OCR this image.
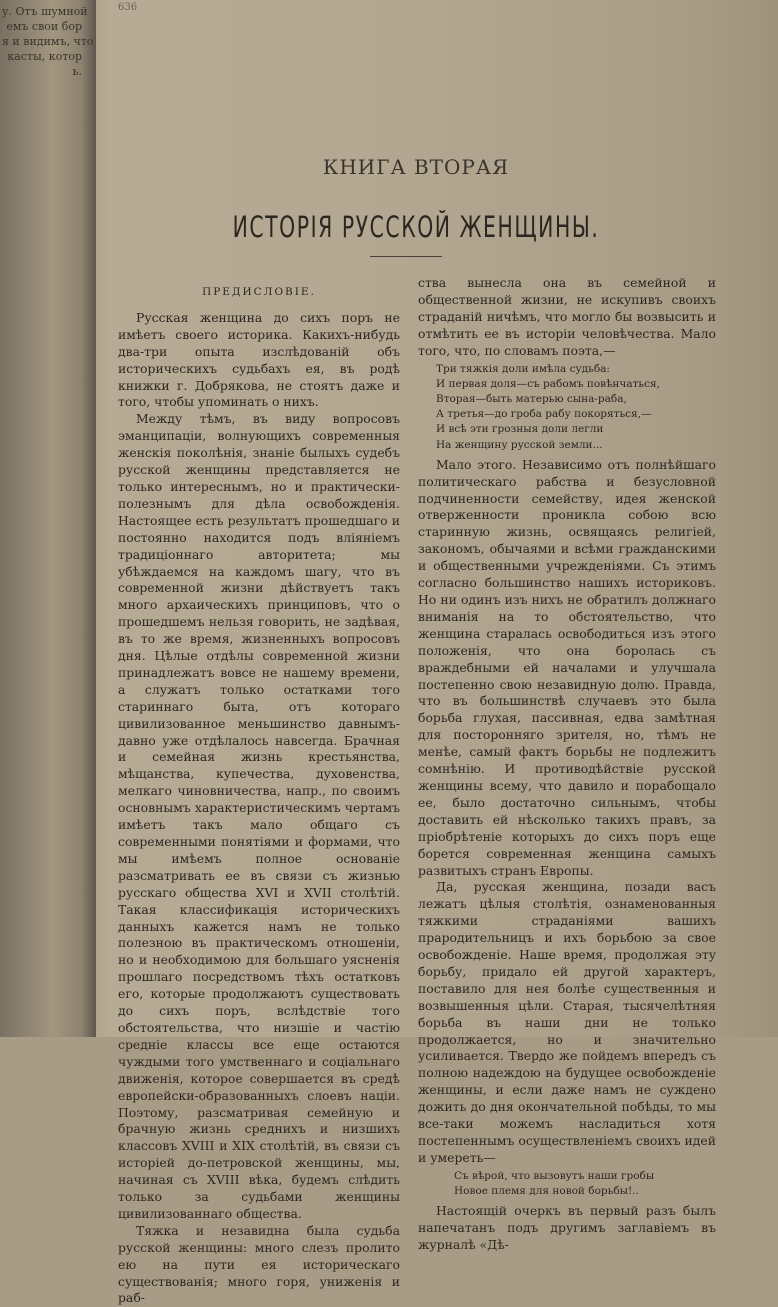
у. Отъ шумной
емъ свои бор
я и видимъ, что
касты, котор
ь.
636
КНИГА ВТОРАЯ
ИСТОРІЯ РУССКОЙ ЖЕНЩИНЫ.

ПРЕДИСЛОВІЕ.

Русская женщина до сихъ поръ не имѣетъ своего историка. Какихъ-нибудь два-три опыта изслѣдованій объ историческихъ судьбахъ ея, въ родѣ книжки г. Добрякова, не стоятъ даже и того, чтобы упоминать о нихъ.

Между тѣмъ, въ виду вопросовъ эманципаціи, волнующихъ современныя женскія поколѣнія, знаніе былыхъ судебъ русской женщины представляется не только интереснымъ, но и практически-полезнымъ для дѣла освобожденія. Настоящее есть результатъ прошедшаго и постоянно находится подъ вліяніемъ традиціоннаго авторитета; мы убѣждаемся на каждомъ шагу, что въ современной жизни дѣйствуетъ такъ много архаическихъ принциповъ, что о прошедшемъ нельзя говорить, не задѣвая, въ то же время, жизненныхъ вопросовъ дня. Цѣлые отдѣлы современной жизни принадлежатъ вовсе не нашему времени, а служатъ только остатками того стариннаго быта, отъ котораго цивилизованное меньшинство давнымъ-давно уже отдѣлалось навсегда. Брачная и семейная жизнь крестьянства, мѣщанства, купечества, духовенства, мелкаго чиновничества, напр., по своимъ основнымъ характеристическимъ чертамъ имѣетъ такъ мало общаго съ современными понятіями и формами, что мы имѣемъ полное основаніе разсматривать ее въ связи съ жизнью русскаго общества XVI и XVII столѣтій. Такая классификація историческихъ данныхъ кажется намъ не только полезною въ практическомъ отношеніи, но и необходимою для большаго уясненія прошлаго посредствомъ тѣхъ остатковъ его, которые продолжаютъ существовать до сихъ поръ, вслѣдствіе того обстоятельства, что низшіе и частію средніе классы все еще остаются чуждыми того умственнаго и соціальнаго движенія, которое совершается въ средѣ европейски-образованныхъ слоевъ націи. Поэтому, разсматривая семейную и брачную жизнь среднихъ и низшихъ классовъ XVIII и XIX столѣтій, въ связи съ исторіей до-петровской женщины, мы, начиная съ XVIII вѣка, будемъ слѣдить только за судьбами женщины цивилизованнаго общества.

Тяжка и незавидна была судьба русской женщины: много слезъ пролито ею на пути ея историческаго существованія; много горя, униженія и раб-

ства вынесла она въ семейной и общественной жизни, не искупивъ своихъ страданій ничѣмъ, что могло бы возвысить и отмѣтить ее въ исторіи человѣчества. Мало того, что, по словамъ поэта,—

Три тяжкія доли имѣла судьба:
И первая доля—съ рабомъ повѣнчаться,
Вторая—быть матерью сына-раба,
А третья—до гроба рабу покоряться,—
И всѣ эти грозныя доли легли
На женщину русской земли...

Мало этого. Независимо отъ полнѣйшаго политическаго рабства и безусловной подчиненности семейству, идея женской отверженности проникла собою всю старинную жизнь, освящаясь религіей, закономъ, обычаями и всѣми гражданскими и общественными учрежденіями. Съ этимъ согласно большинство нашихъ историковъ. Но ни одинъ изъ нихъ не обратилъ должнаго вниманія на то обстоятельство, что женщина старалась освободиться изъ этого положенія, что она боролась съ враждебными ей началами и улучшала постепенно свою незавидную долю. Правда, что въ большинствѣ случаевъ это была борьба глухая, пассивная, едва замѣтная для посторонняго зрителя, но, тѣмъ не менѣе, самый фактъ борьбы не подлежитъ сомнѣнію. И противодѣйствіе русской женщины всему, что давило и порабощало ее, было достаточно сильнымъ, чтобы доставить ей нѣсколько такихъ правъ, за пріобрѣтеніе которыхъ до сихъ поръ еще борется современная женщина самыхъ развитыхъ странъ Европы.

Да, русская женщина, позади васъ лежатъ цѣлыя столѣтія, ознаменованныя тяжкими страданіями вашихъ прародительницъ и ихъ борьбою за свое освобожденіе. Наше время, продолжая эту борьбу, придало ей другой характеръ, поставило для нея болѣе существенныя и возвышенныя цѣли. Старая, тысячелѣтняя борьба въ наши дни не только продолжается, но и значительно усиливается. Твердо же пойдемъ впередъ съ полною надеждою на будущее освобожденіе женщины, и если даже намъ не суждено дожить до дня окончательной побѣды, то мы все-таки можемъ насладиться хотя постепеннымъ осуществленіемъ своихъ идей и умереть—

Съ вѣрой, что вызовутъ наши гробы
Новое племя для новой борьбы!..

Настоящій очеркъ въ первый разъ былъ напечатанъ подъ другимъ заглавіемъ въ журналѣ «Дѣ-
